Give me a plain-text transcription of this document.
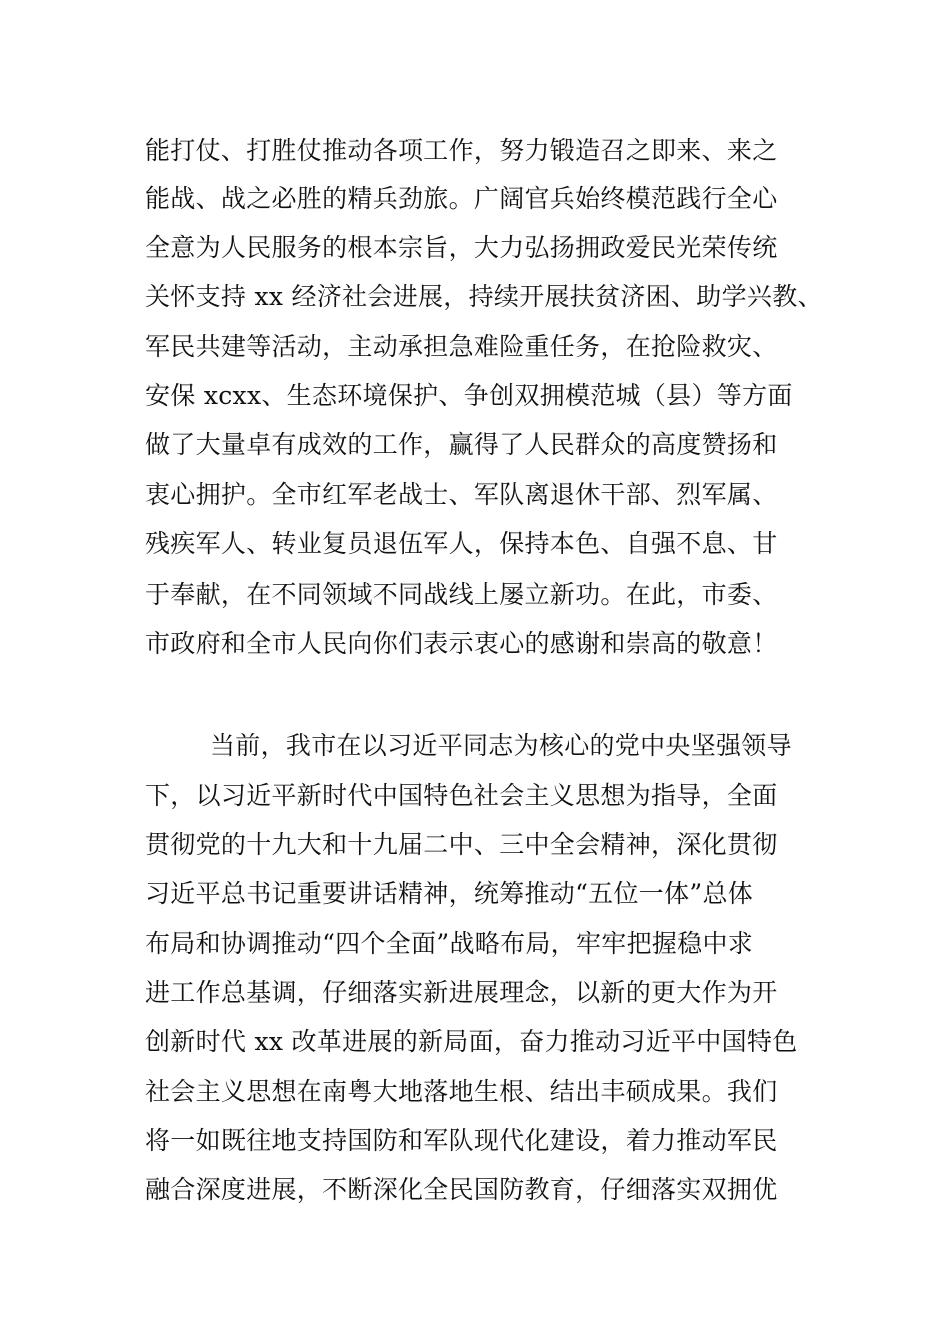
能打仗、打胜仗推动各项工作，努力锻造召之即来、来之
能战、战之必胜的精兵劲旅。广阔官兵始终模范践行全心
全意为人民服务的根本宗旨，大力弘扬拥政爱民光荣传统
关怀支持 xx 经济社会进展，持续开展扶贫济困、助学兴教、
军民共建等活动，主动承担急难险重任务，在抢险救灾、
安保 xcxx、生态环境保护、争创双拥模范城（县）等方面
做了大量卓有成效的工作，赢得了人民群众的高度赞扬和
衷心拥护。全市红军老战士、军队离退休干部、烈军属、
残疾军人、转业复员退伍军人，保持本色、自强不息、甘
于奉献，在不同领域不同战线上屡立新功。在此，市委、
市政府和全市人民向你们表示衷心的感谢和崇高的敬意！
当前，我市在以习近平同志为核心的党中央坚强领导
下，以习近平新时代中国特色社会主义思想为指导，全面
贯彻党的十九大和十九届二中、三中全会精神，深化贯彻
习近平总书记重要讲话精神，统筹推动“五位一体”总体
布局和协调推动“四个全面”战略布局，牢牢把握稳中求
进工作总基调，仔细落实新进展理念，以新的更大作为开
创新时代 xx 改革进展的新局面，奋力推动习近平中国特色
社会主义思想在南粤大地落地生根、结出丰硕成果。我们
将一如既往地支持国防和军队现代化建设，着力推动军民
融合深度进展，不断深化全民国防教育，仔细落实双拥优
